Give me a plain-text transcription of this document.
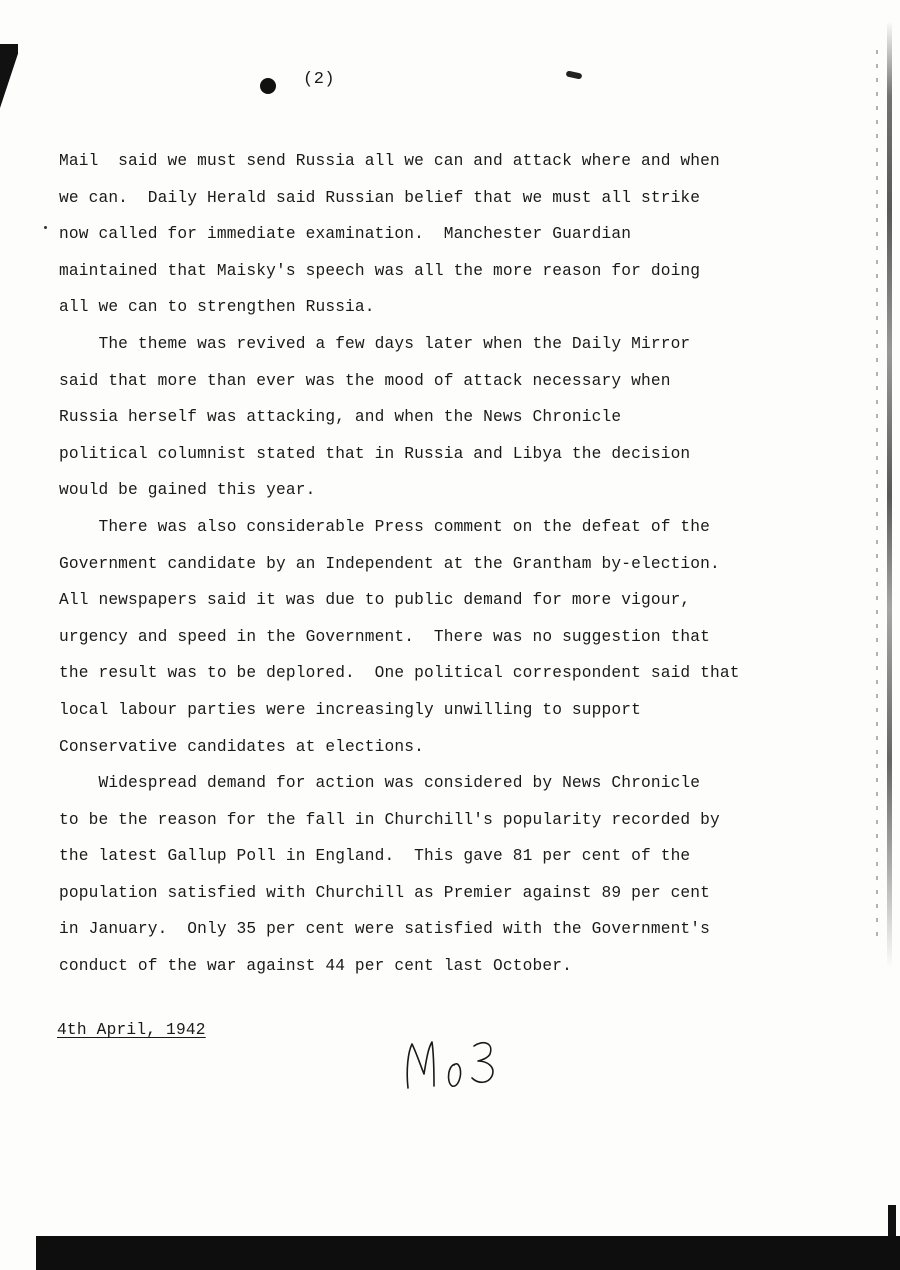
(2)
Mail  said we must send Russia all we can and attack where and when
we can.  Daily Herald said Russian belief that we must all strike
now called for immediate examination.  Manchester Guardian
maintained that Maisky's speech was all the more reason for doing
all we can to strengthen Russia.
The theme was revived a few days later when the Daily Mirror
said that more than ever was the mood of attack necessary when
Russia herself was attacking, and when the News Chronicle
political columnist stated that in Russia and Libya the decision
would be gained this year.
There was also considerable Press comment on the defeat of the
Government candidate by an Independent at the Grantham by-election.
All newspapers said it was due to public demand for more vigour,
urgency and speed in the Government.  There was no suggestion that
the result was to be deplored.  One political correspondent said that
local labour parties were increasingly unwilling to support
Conservative candidates at elections.
Widespread demand for action was considered by News Chronicle
to be the reason for the fall in Churchill's popularity recorded by
the latest Gallup Poll in England.  This gave 81 per cent of the
population satisfied with Churchill as Premier against 89 per cent
in January.  Only 35 per cent were satisfied with the Government's
conduct of the war against 44 per cent last October.
4th April, 1942
